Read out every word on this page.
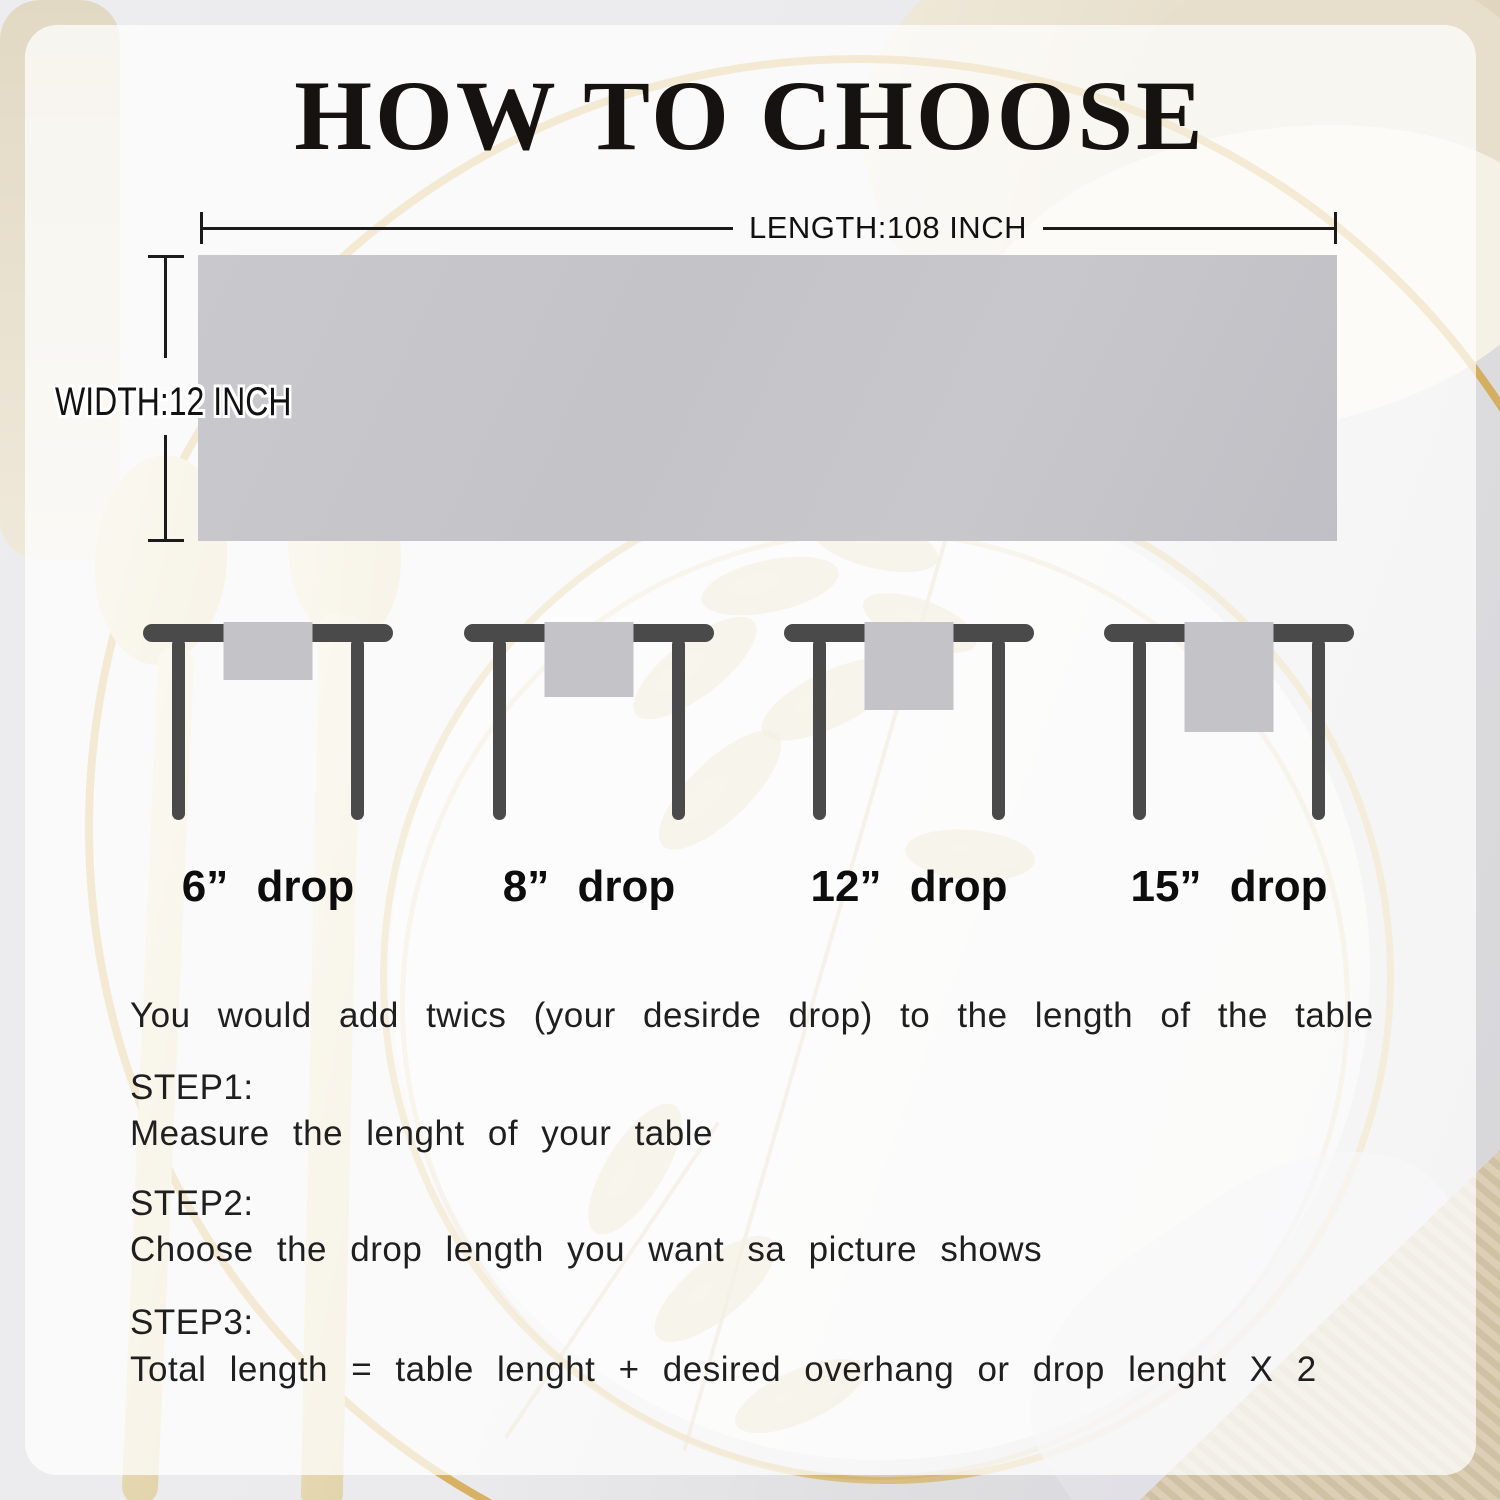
HOW TO CHOOSE
LENGTH:108 INCH
WIDTH:12 INCH
6” drop	8” drop	12” drop	15” drop
You would add twics (your desirde drop) to the length of the table
STEP1:
Measure the lenght of your table
STEP2:
Choose the drop length you want sa picture shows
STEP3:
Total length = table lenght + desired overhang or drop lenght X 2
